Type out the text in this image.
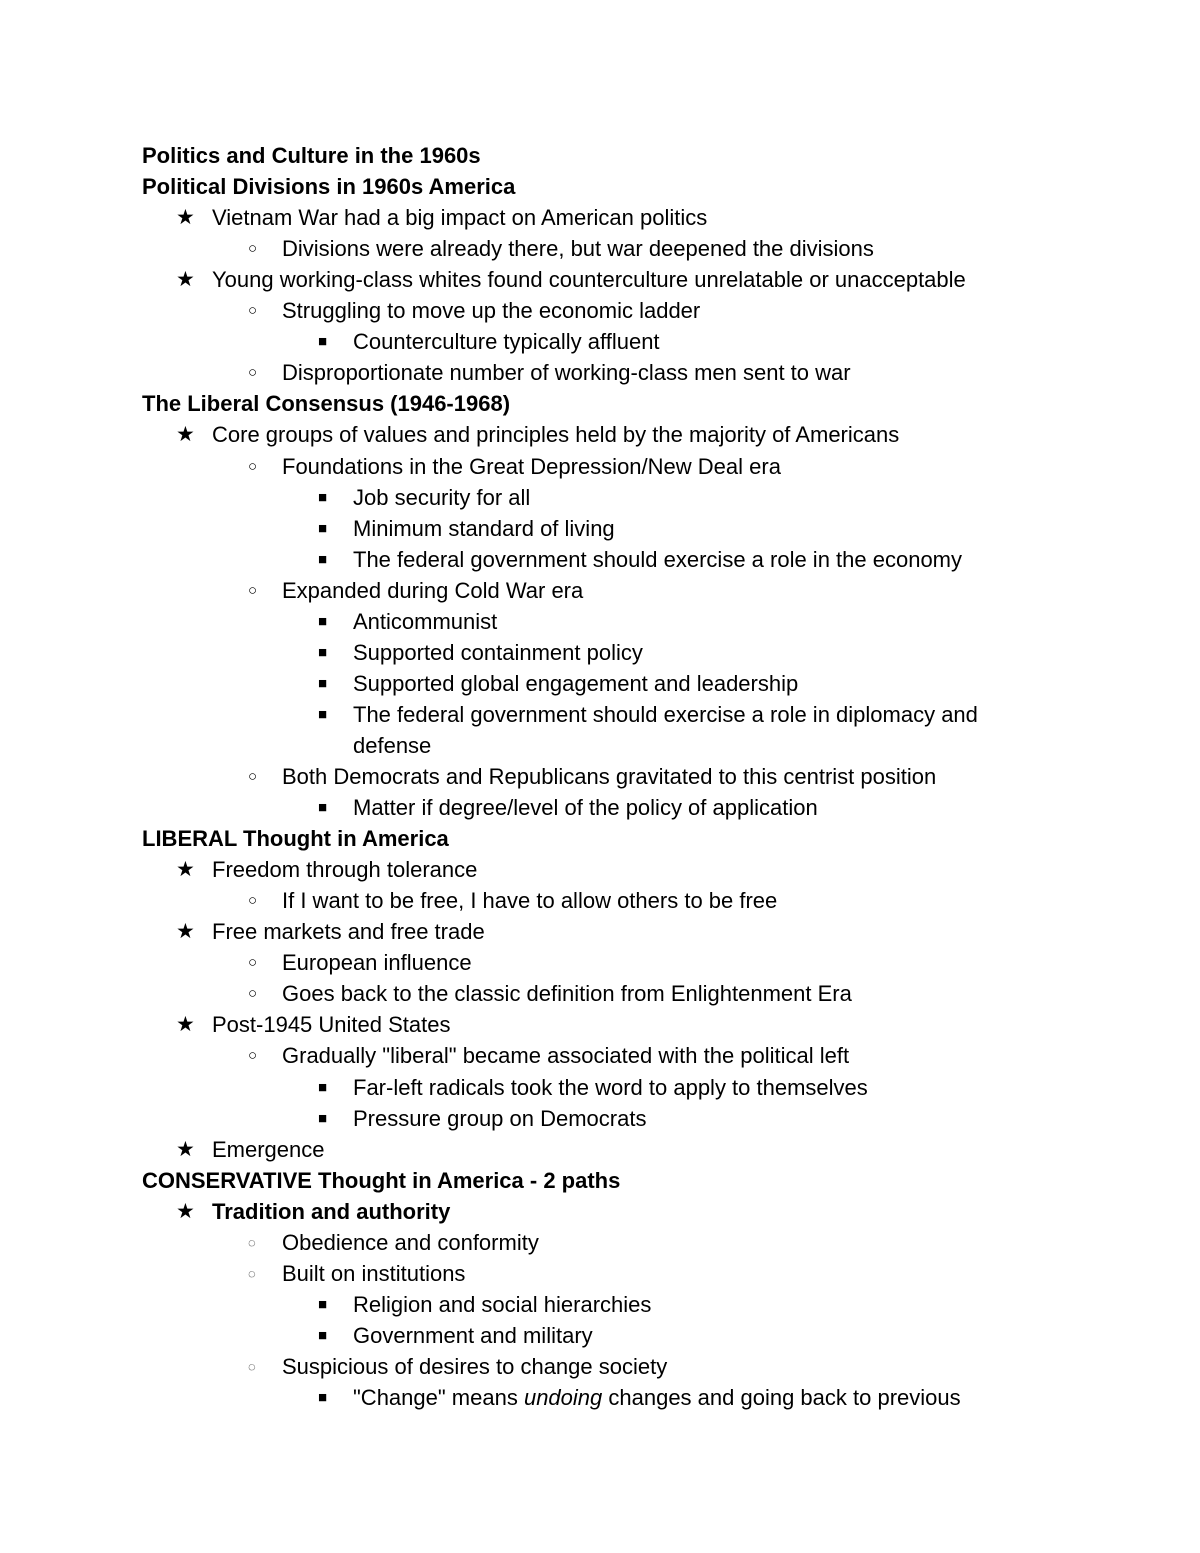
Politics and Culture in the 1960s
Political Divisions in 1960s America
★ Vietnam War had a big impact on American politics
○	Divisions were already there, but war deepened the divisions
★ Young working-class whites found counterculture unrelatable or unacceptable
○	Struggling to move up the economic ladder
■	Counterculture typically affluent
○	Disproportionate number of working-class men sent to war
The Liberal Consensus (1946-1968)
★ Core groups of values and principles held by the majority of Americans
○	Foundations in the Great Depression/New Deal era
■	Job security for all
■	Minimum standard of living
■	The federal government should exercise a role in the economy
○	Expanded during Cold War era
■	Anticommunist
■	Supported containment policy
■	Supported global engagement and leadership
■	The federal government should exercise a role in diplomacy and
defense
○	Both Democrats and Republicans gravitated to this centrist position
■	Matter if degree/level of the policy of application
LIBERAL Thought in America
★ Freedom through tolerance
○	If I want to be free, I have to allow others to be free
★ Free markets and free trade
○	European influence
○	Goes back to the classic definition from Enlightenment Era
★ Post-1945 United States
○	Gradually "liberal" became associated with the political left
■	Far-left radicals took the word to apply to themselves
■	Pressure group on Democrats
★ Emergence
CONSERVATIVE Thought in America - 2 paths
★ Tradition and authority
◌	Obedience and conformity
◌	Built on institutions
■	Religion and social hierarchies
■	Government and military
◌	Suspicious of desires to change society
■	"Change" means undoing changes and going back to previous
